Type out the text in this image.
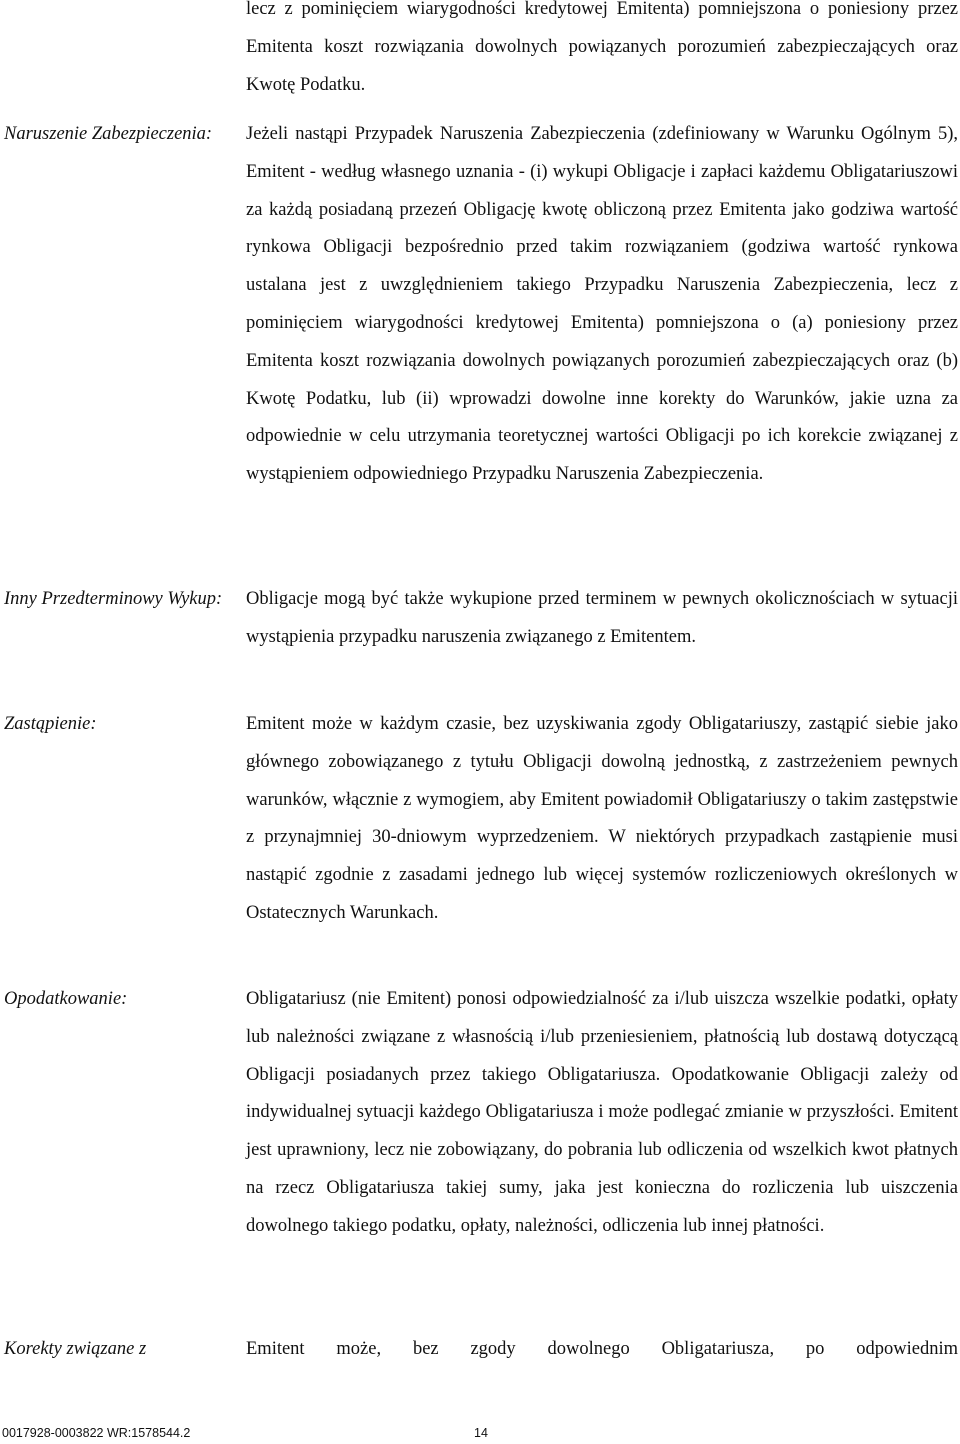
lecz z pominięciem wiarygodności kredytowej Emitenta) pomniejszona o poniesiony przez Emitenta koszt rozwiązania dowolnych powiązanych porozumień zabezpieczających oraz Kwotę Podatku.

Naruszenie Zabezpieczenia:	Jeżeli nastąpi Przypadek Naruszenia Zabezpieczenia (zdefiniowany w Warunku Ogólnym 5), Emitent - według własnego uznania - (i) wykupi Obligacje i zapłaci każdemu Obligatariuszowi za każdą posiadaną przezeń Obligację kwotę obliczoną przez Emitenta jako godziwa wartość rynkowa Obligacji bezpośrednio przed takim rozwiązaniem (godziwa wartość rynkowa ustalana jest z uwzględnieniem takiego Przypadku Naruszenia Zabezpieczenia, lecz z pominięciem wiarygodności kredytowej Emitenta) pomniejszona o (a) poniesiony przez Emitenta koszt rozwiązania dowolnych powiązanych porozumień zabezpieczających oraz (b) Kwotę Podatku, lub (ii) wprowadzi dowolne inne korekty do Warunków, jakie uzna za odpowiednie w celu utrzymania teoretycznej wartości Obligacji po ich korekcie związanej z wystąpieniem odpowiedniego Przypadku Naruszenia Zabezpieczenia.

Inny Przedterminowy Wykup: Obligacje mogą być także wykupione przed terminem w pewnych okolicznościach w sytuacji wystąpienia przypadku naruszenia związanego z Emitentem.

Zastąpienie:	Emitent może w każdym czasie, bez uzyskiwania zgody Obligatariuszy, zastąpić siebie jako głównego zobowiązanego z tytułu Obligacji dowolną jednostką, z zastrzeżeniem pewnych warunków, włącznie z wymogiem, aby Emitent powiadomił Obligatariuszy o takim zastępstwie z przynajmniej 30-dniowym wyprzedzeniem. W niektórych przypadkach zastąpienie musi nastąpić zgodnie z zasadami jednego lub więcej systemów rozliczeniowych określonych w Ostatecznych Warunkach.

Opodatkowanie:	Obligatariusz (nie Emitent) ponosi odpowiedzialność za i/lub uiszcza wszelkie podatki, opłaty lub należności związane z własnością i/lub przeniesieniem, płatnością lub dostawą dotyczącą Obligacji posiadanych przez takiego Obligatariusza. Opodatkowanie Obligacji zależy od indywidualnej sytuacji każdego Obligatariusza i może podlegać zmianie w przyszłości. Emitent jest uprawniony, lecz nie zobowiązany, do pobrania lub odliczenia od wszelkich kwot płatnych na rzecz Obligatariusza takiej sumy, jaka jest konieczna do rozliczenia lub uiszczenia dowolnego takiego podatku, opłaty, należności, odliczenia lub innej płatności.

Korekty związane z	Emitent może, bez zgody dowolnego Obligatariusza, po odpowiednim

0017928-0003822 WR:1578544.2	14
